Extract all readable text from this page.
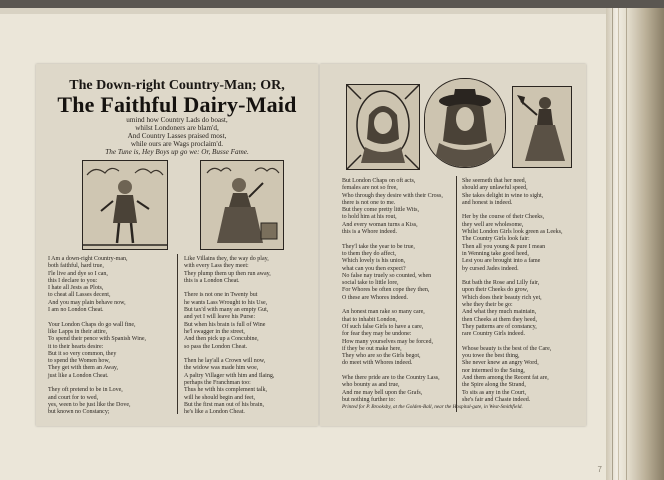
The Down-right Country-Man; OR,
The Faithful Dairy-Maid
umind how Country Lads do boast,
whilst Londoners are blam'd,
And Country Lasses praised most,
while ours are Wags proclaim'd.
The Tune is, Hey Boys up go we: Or, Busse Fame.

I Am a down-right Country-man,

both faithful, hard true,

I'le live and dye so I can,

this I declare to you:

I hate all Jests as Plots,

to cheat all Lasses decent,

And you may plain behave now,

I am no London Cheat.

Your London Chaps do go wall fine,

like Lapps in their attire,

To spend their pence with Spanish Wine,

it to their hearts desire:

But it so very common, they

to spend the Women how,

They get with them an Away,

just like a London Cheat.

They oft pretend to be in Love,

and court for to wed,

yes, ween to be just like the Dove,

but known no Constancy;

Like Villains they, the way do play,

with every Lass they meet:

They plump them up then run away,

this is a London Cheat.

There is not one in Twenty but

he wants Lass Wrought to his Use,

But tax'd with many an empty Gut,

and yet I will leave his Purse:

But when his brain is full of Wine

he'l swagger in the street,

And then pick up a Concubine,

so pass the London Cheat.

Then he lay'all a Crown will now,

the widow was made him woe,

A paltry Villager with him and Ilaing,

perhaps the Franchman too:

Thus he with his complement talk,

will he should begin and feet,

But the first man out of his brain,

he's like a London Cheat.

But London Chaps on oft acts,

females are not so free,

Who through they desire with their Cross,

there is not one to me.

But they come pretty little Wits,

to hold him at his rout,

And every woman turns a Kiss,

this is a Whore indeed.

They'l take the year to be true,

to them they do affect,

Which lovely is his union,

what can you then expect?

No false nay truely so counted, when

social take to little lore,

For Whores be often cope they then,

O these are Whores indeed.

An honest man rake so many care,

that to inhabit London,

Of such false Girls to have a care,

for fear they may be undone:

How many yourselves may be forced,

if they be out make here,

They who are so the Girls begot,

do meet with Whores indeed.

Whe there pride are to the Country Lass,

who bounty as and true,

And me may bell upon the Grafs,

but nothing further to:

Printed for P. Brooksby, at the Golden-Ball, near the Hospital-gate, in West-Smithfield.

She seemeth that her need,

should any unlawful speed,

She takes delight in wine to sight,

and honest is indeed.

Her by the course of their Cheeks,

they well are wholesome,

Whilst London Girls look green as Leeks,

The Country Girls look fair:

Then all you young & pure I mean

in Wenning take good heed,

Lest you are brought into a fame

by cursed Jades indeed.

But bath the Rose and Lilly fair,

upon their Cheeks do grow,

Which does their beauty rich yet,

whe they their be go:

And what they much maintain,

then Cheeks at them they heed,

They patterns are of constancy,

rare Country Girls indeed.

Whose beauty is the best of the Care,

you towe the best thing,

She never knew an angry Word,

nor intermed to the Suing,

And them among the Recent fat are,

the Spire along the Strand,

To sits as any in the Court,

she's fair and Chaste indeed.

7
